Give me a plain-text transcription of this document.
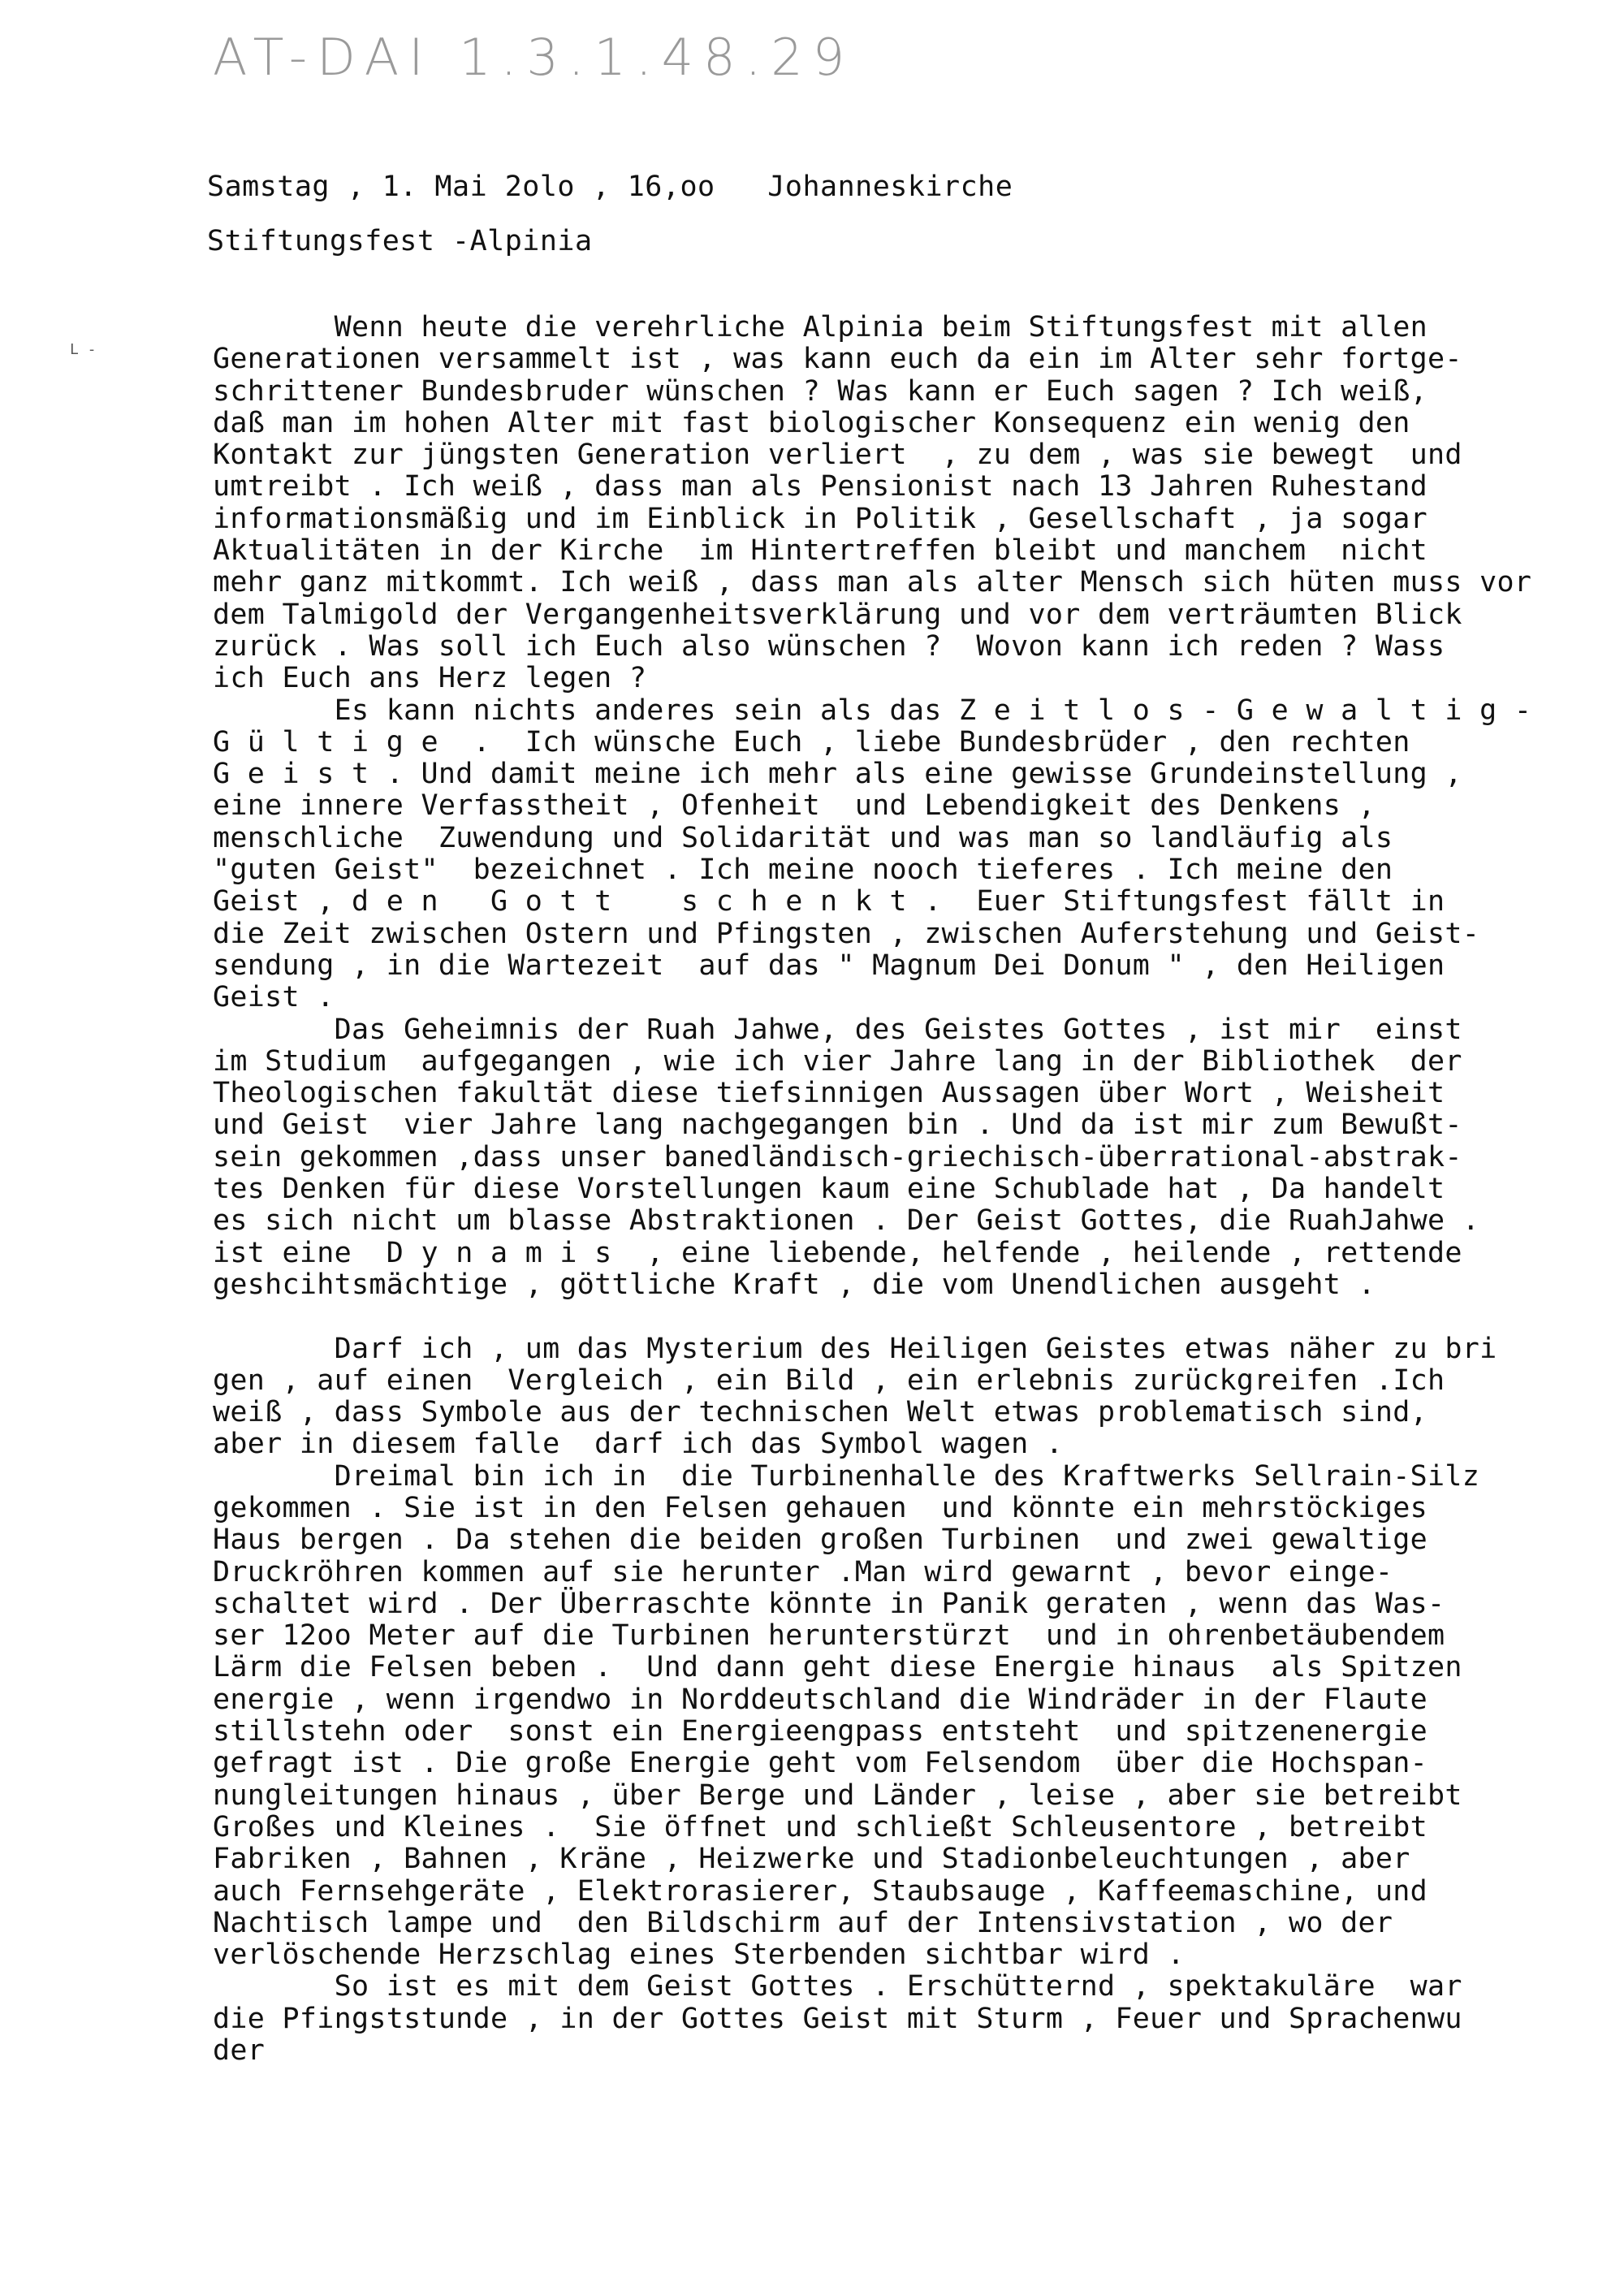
AT-DAI 1.3.1.48.29
L -
Samstag , 1. Mai 2olo , 16,oo   Johanneskirche
Stiftungsfest -Alpinia
Wenn heute die verehrliche Alpinia beim Stiftungsfest mit allen
Generationen versammelt ist , was kann euch da ein im Alter sehr fortge-
schrittener Bundesbruder wünschen ? Was kann er Euch sagen ? Ich weiß,
daß man im hohen Alter mit fast biologischer Konsequenz ein wenig den
Kontakt zur jüngsten Generation verliert  , zu dem , was sie bewegt  und
umtreibt . Ich weiß , dass man als Pensionist nach 13 Jahren Ruhestand
informationsmäßig und im Einblick in Politik , Gesellschaft , ja sogar
Aktualitäten in der Kirche  im Hintertreffen bleibt und manchem  nicht
mehr ganz mitkommt. Ich weiß , dass man als alter Mensch sich hüten muss vor
dem Talmigold der Vergangenheitsverklärung und vor dem verträumten Blick
zurück . Was soll ich Euch also wünschen ?  Wovon kann ich reden ? Wass
ich Euch ans Herz legen ?
Es kann nichts anderes sein als das Z e i t l o s - G e w a l t i g -
G ü l t i g e  .  Ich wünsche Euch , liebe Bundesbrüder , den rechten
G e i s t . Und damit meine ich mehr als eine gewisse Grundeinstellung ,
eine innere Verfasstheit , Ofenheit  und Lebendigkeit des Denkens ,
menschliche  Zuwendung und Solidarität und was man so landläufig als
"guten Geist"  bezeichnet . Ich meine nooch tieferes . Ich meine den
Geist , d e n   G o t t    s c h e n k t .  Euer Stiftungsfest fällt in
die Zeit zwischen Ostern und Pfingsten , zwischen Auferstehung und Geist-
sendung , in die Wartezeit  auf das " Magnum Dei Donum " , den Heiligen
Geist .
Das Geheimnis der Ruah Jahwe, des Geistes Gottes , ist mir  einst
im Studium  aufgegangen , wie ich vier Jahre lang in der Bibliothek  der
Theologischen fakultät diese tiefsinnigen Aussagen über Wort , Weisheit
und Geist  vier Jahre lang nachgegangen bin . Und da ist mir zum Bewußt-
sein gekommen ,dass unser banedländisch-griechisch-überrational-abstrak-
tes Denken für diese Vorstellungen kaum eine Schublade hat , Da handelt
es sich nicht um blasse Abstraktionen . Der Geist Gottes, die RuahJahwe .
ist eine  D y n a m i s  , eine liebende, helfende , heilende , rettende
geshcihtsmächtige , göttliche Kraft , die vom Unendlichen ausgeht .
Darf ich , um das Mysterium des Heiligen Geistes etwas näher zu bri
gen , auf einen  Vergleich , ein Bild , ein erlebnis zurückgreifen .Ich
weiß , dass Symbole aus der technischen Welt etwas problematisch sind,
aber in diesem falle  darf ich das Symbol wagen .
Dreimal bin ich in  die Turbinenhalle des Kraftwerks Sellrain-Silz
gekommen . Sie ist in den Felsen gehauen  und könnte ein mehrstöckiges
Haus bergen . Da stehen die beiden großen Turbinen  und zwei gewaltige
Druckröhren kommen auf sie herunter .Man wird gewarnt , bevor einge-
schaltet wird . Der Überraschte könnte in Panik geraten , wenn das Was-
ser 12oo Meter auf die Turbinen herunterstürzt  und in ohrenbetäubendem
Lärm die Felsen beben .  Und dann geht diese Energie hinaus  als Spitzen
energie , wenn irgendwo in Norddeutschland die Windräder in der Flaute
stillstehn oder  sonst ein Energieengpass entsteht  und spitzenenergie
gefragt ist . Die große Energie geht vom Felsendom  über die Hochspan-
nungleitungen hinaus , über Berge und Länder , leise , aber sie betreibt
Großes und Kleines .  Sie öffnet und schließt Schleusentore , betreibt
Fabriken , Bahnen , Kräne , Heizwerke und Stadionbeleuchtungen , aber
auch Fernsehgeräte , Elektrorasierer, Staubsauge , Kaffeemaschine, und
Nachtisch lampe und  den Bildschirm auf der Intensivstation , wo der
verlöschende Herzschlag eines Sterbenden sichtbar wird .
So ist es mit dem Geist Gottes . Erschütternd , spektakuläre  war
die Pfingststunde , in der Gottes Geist mit Sturm , Feuer und Sprachenwu
der
